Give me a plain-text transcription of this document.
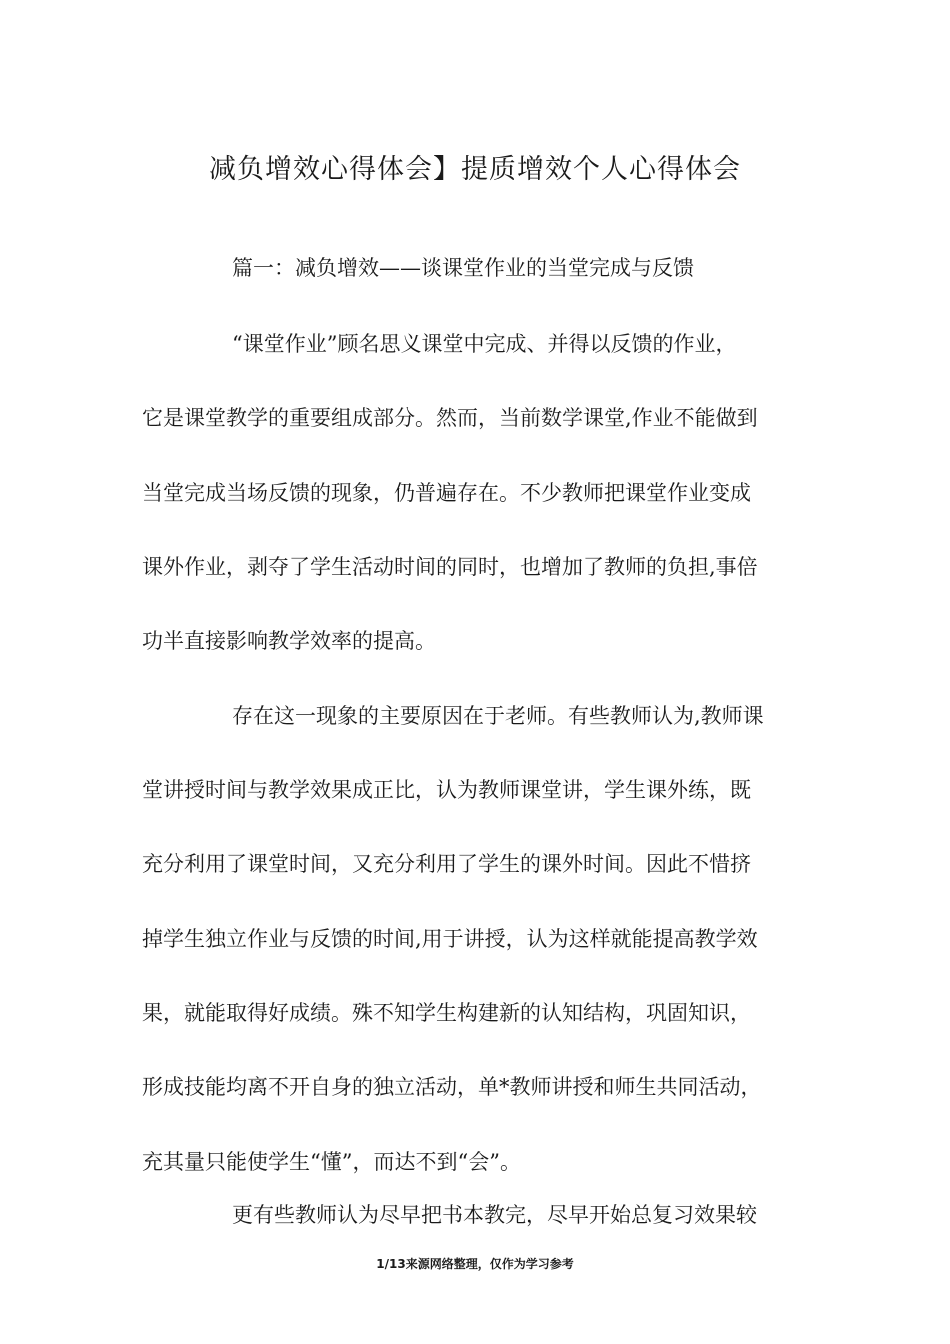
减负增效心得体会】提质增效个人心得体会
篇一：减负增效——谈课堂作业的当堂完成与反馈
“课堂作业”顾名思义课堂中完成、并得以反馈的作业，
它是课堂教学的重要组成部分。然而，当前数学课堂,作业不能做到
当堂完成当场反馈的现象，仍普遍存在。不少教师把课堂作业变成
课外作业，剥夺了学生活动时间的同时，也增加了教师的负担,事倍
功半直接影响教学效率的提高。
存在这一现象的主要原因在于老师。有些教师认为,教师课
堂讲授时间与教学效果成正比，认为教师课堂讲，学生课外练，既
充分利用了课堂时间，又充分利用了学生的课外时间。因此不惜挤
掉学生独立作业与反馈的时间,用于讲授，认为这样就能提高教学效
果，就能取得好成绩。殊不知学生构建新的认知结构，巩固知识，
形成技能均离不开自身的独立活动，单*教师讲授和师生共同活动，
充其量只能使学生“懂”，而达不到“会”。
更有些教师认为尽早把书本教完，尽早开始总复习效果较
1/13来源网络整理，仅作为学习参考
